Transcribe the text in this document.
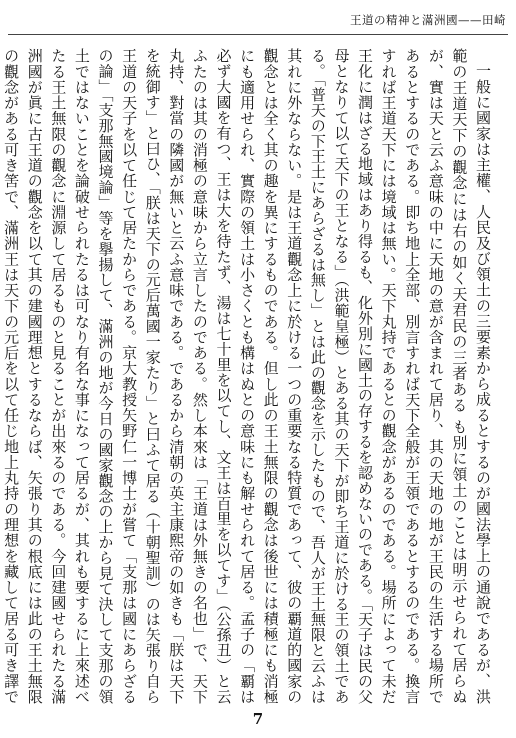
王道の精神と滿洲國——田崎

一般に國家は主權、人民及び領土の三要素から成るとするのが國法學上の通說であるが、洪範の王道天下の觀念には右の如く天君民の三者ある も別に領土のことは明示せられて居らぬが、實は天と云ふ意味の中に天地の意が含まれて居り、其の天地の地が王民の生活する場所であるとするのである。即ち地上全部、別言すれば天下全般が王領であるとするのである。換言すれば王道天下には境域は無い。天下丸持であるとの觀念があるのである。場所によって未だ王化に潤はざる地域はあり得るも、化外別に國土の存するを認めないのである。「天子は民の父母となりて以て天下の王となる」（洪範皇極）とある其の天下が即ち王道に於ける王の領土である。「普天の下王土にあらざるは無し」とは此の觀念を示したもので、吾人が王土無限と云ふは其れに外ならない。是は王道觀念上に於ける一つの重要なる特質であって、彼の覇道的國家の觀念とは全く其の趣を異にするものである。但し此の王土無限の觀念は後世には積極にも消極にも適用せられ、實際の領土は小さくとも構はぬとの意味にも解せられて居る。孟子の「覇は必ず大國を有つ、王は大を待たず、湯は七十里を以てし、文王は百里を以てす」（公孫丑）と云ふたのは其の消極の意味から立言したのである。然し本來は「王道は外無きの名也」で、天下丸持、對當の隣國が無いと云ふ意味である。であるから清朝の英主康熙帝の如きも「朕は天下を統御す」と曰ひ、「朕は天下の元后萬國一家たり」と曰ふて居る（十朝聖訓）のは矢張り自ら王道の天子を以て任じて居たからである。京大教授矢野仁一博士が嘗て「支那は國にあらざるの論」「支那無國境論」等を擧揚して、滿洲の地が今日の國家觀念の上から見て決して支那の領土ではないことを論破せられたるは可なり有名な事になって居るが、其れも要するに上來述べたる王土無限の觀念に淵源して居るものと見ることが出來るのである。今回建國せられたる滿洲國が眞に古王道の觀念を以て其の建國理想とするならば、矢張り其の根底には此の王土無限の觀念がある可き筈で、滿洲王は天下の元后を以て任じ地上丸持の理想を藏して居る可き譯で

7
